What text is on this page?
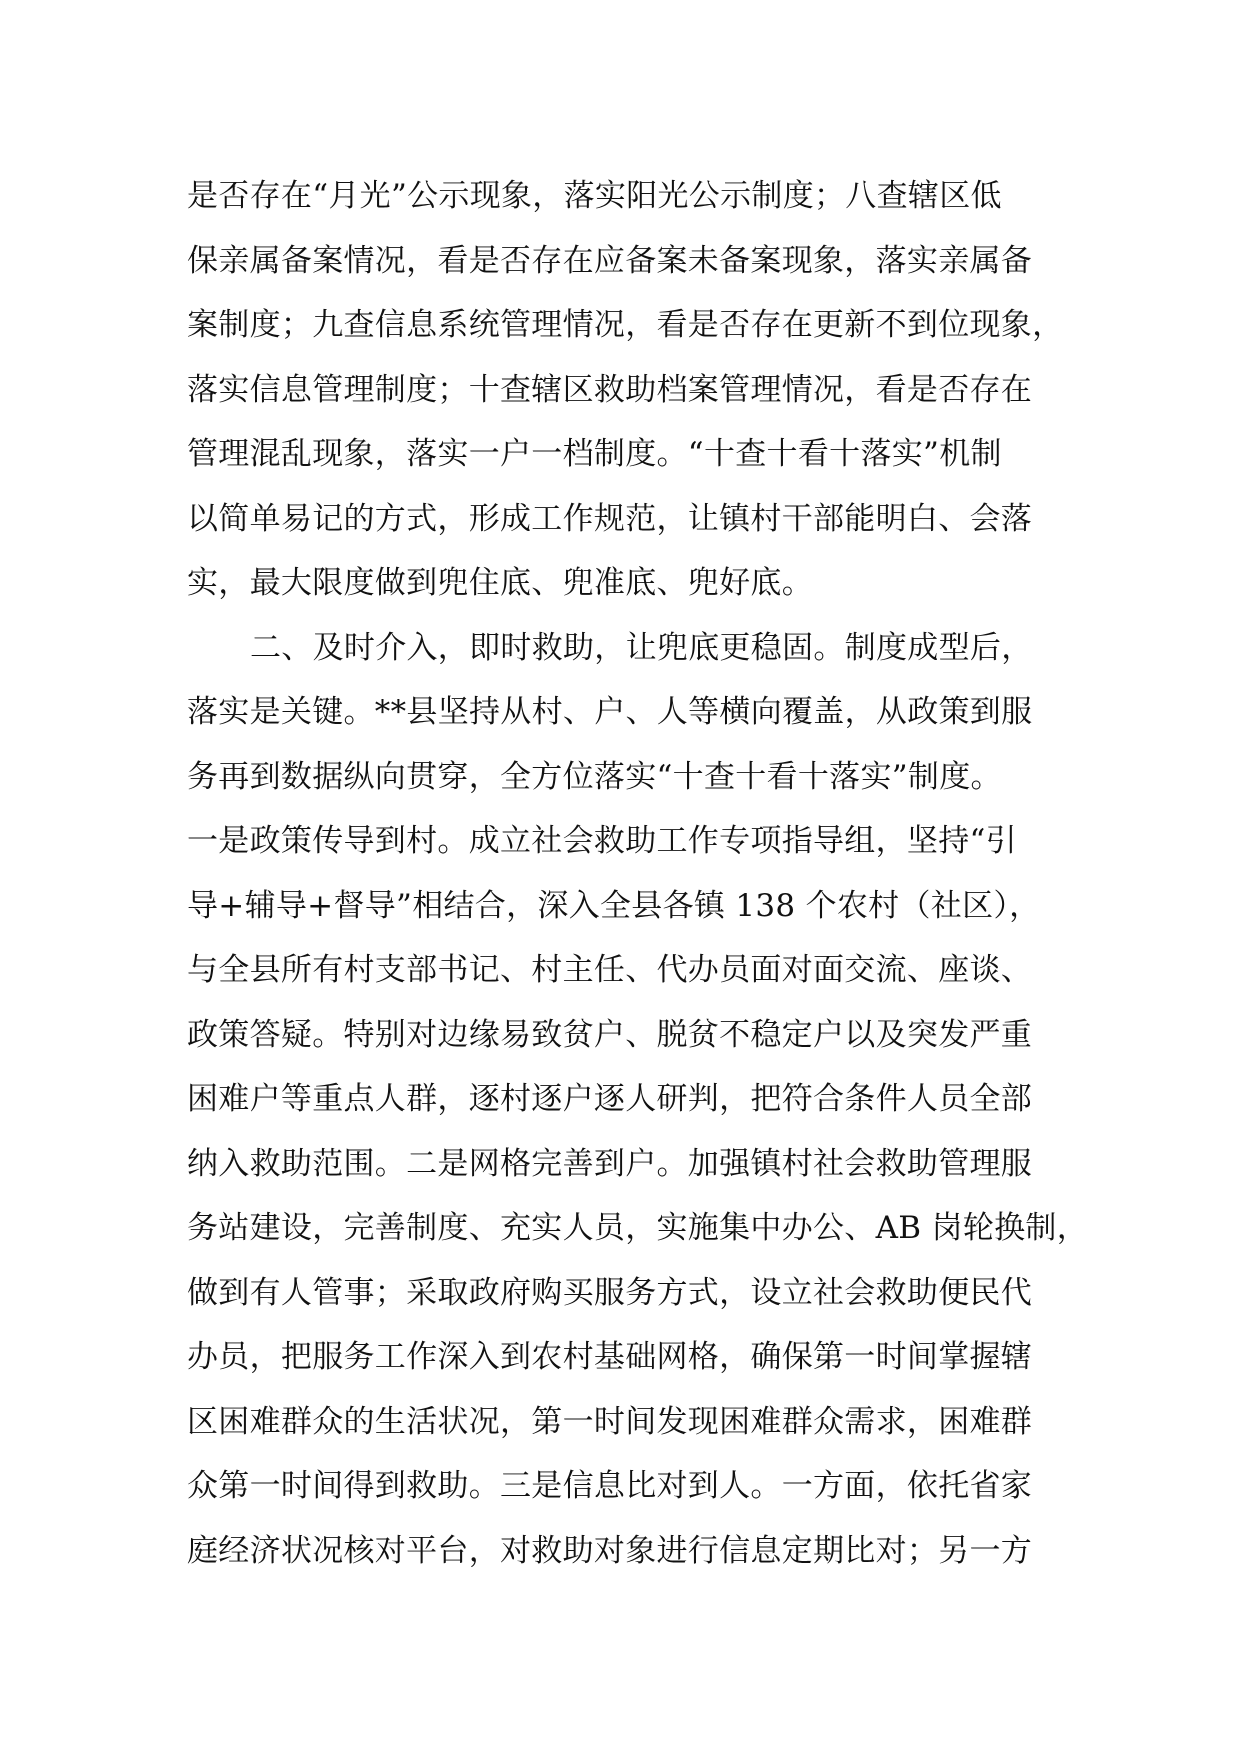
是否存在“月光”公示现象，落实阳光公示制度；八查辖区低
保亲属备案情况，看是否存在应备案未备案现象，落实亲属备
案制度；九查信息系统管理情况，看是否存在更新不到位现象，
落实信息管理制度；十查辖区救助档案管理情况，看是否存在
管理混乱现象，落实一户一档制度。“十查十看十落实”机制
以简单易记的方式，形成工作规范，让镇村干部能明白、会落
实，最大限度做到兜住底、兜准底、兜好底。
二、及时介入，即时救助，让兜底更稳固。制度成型后，
落实是关键。**县坚持从村、户、人等横向覆盖，从政策到服
务再到数据纵向贯穿，全方位落实“十查十看十落实”制度。
一是政策传导到村。成立社会救助工作专项指导组，坚持“引
导+辅导+督导”相结合，深入全县各镇 138 个农村（社区），
与全县所有村支部书记、村主任、代办员面对面交流、座谈、
政策答疑。特别对边缘易致贫户、脱贫不稳定户以及突发严重
困难户等重点人群，逐村逐户逐人研判，把符合条件人员全部
纳入救助范围。二是网格完善到户。加强镇村社会救助管理服
务站建设，完善制度、充实人员，实施集中办公、AB 岗轮换制，
做到有人管事；采取政府购买服务方式，设立社会救助便民代
办员，把服务工作深入到农村基础网格，确保第一时间掌握辖
区困难群众的生活状况，第一时间发现困难群众需求，困难群
众第一时间得到救助。三是信息比对到人。一方面，依托省家
庭经济状况核对平台，对救助对象进行信息定期比对；另一方
